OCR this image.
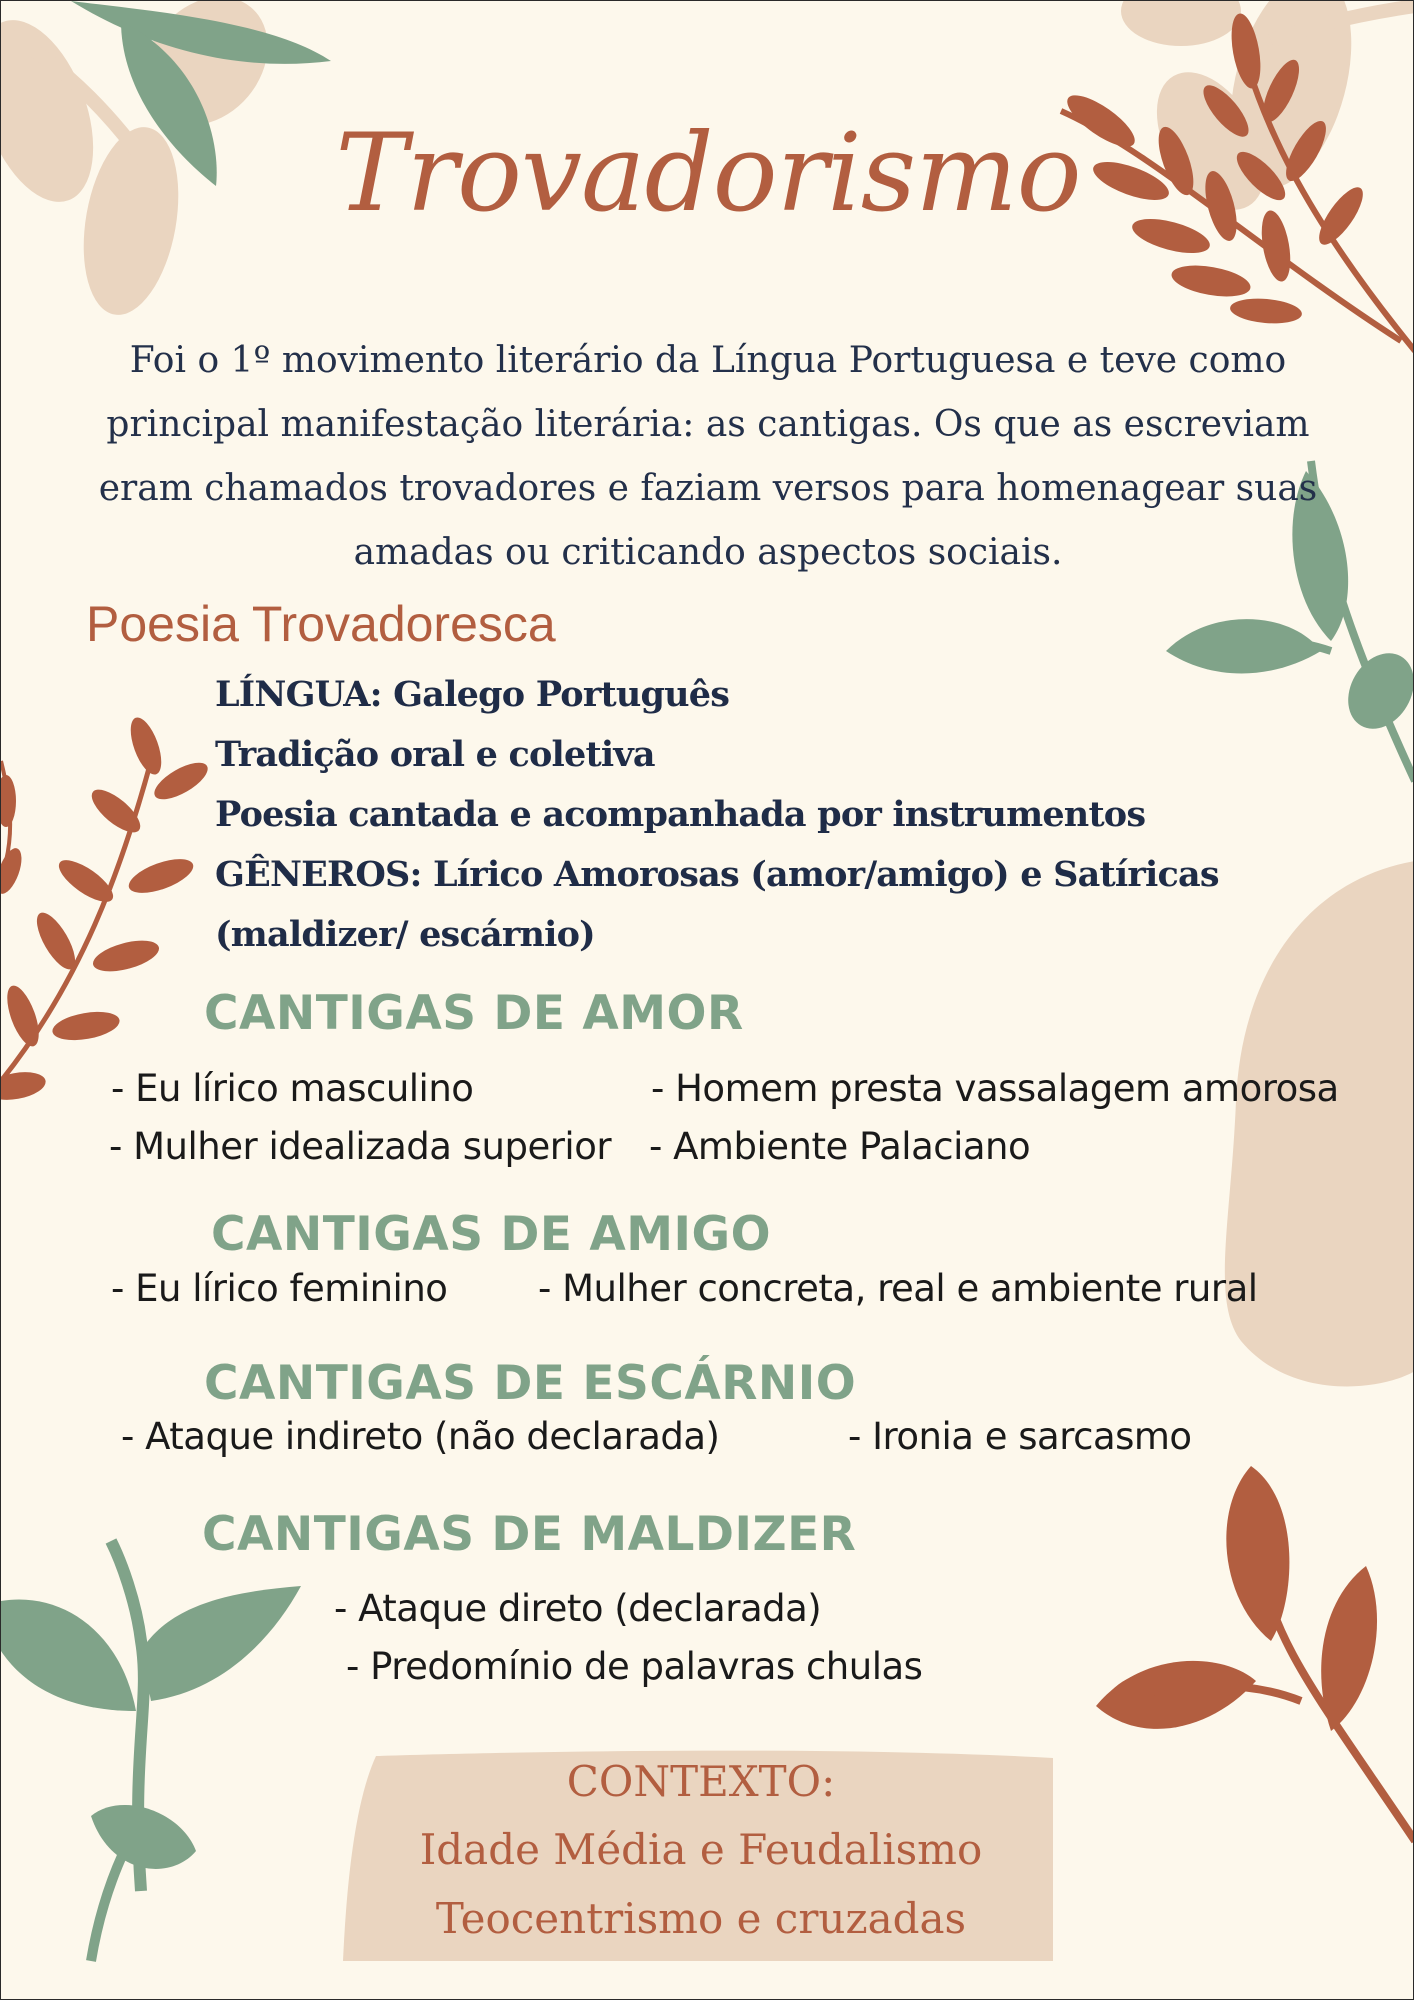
Trovadorismo
Foi o 1º movimento literário da Língua Portuguesa e teve como
principal manifestação literária: as cantigas. Os que as escreviam
eram chamados trovadores e faziam versos para homenagear suas
amadas ou criticando aspectos sociais.
Poesia Trovadoresca
LÍNGUA: Galego Português
Tradição oral e coletiva
Poesia cantada e acompanhada por instrumentos
GÊNEROS: Lírico Amorosas (amor/amigo) e Satíricas
(maldizer/ escárnio)
CANTIGAS DE AMOR
- Eu lírico masculino	- Homem presta vassalagem amorosa
- Mulher idealizada superior - Ambiente Palaciano
CANTIGAS DE AMIGO
- Eu lírico feminino - Mulher concreta, real e ambiente rural
CANTIGAS DE ESCÁRNIO
- Ataque indireto (não declarada)	- Ironia e sarcasmo
CANTIGAS DE MALDIZER
- Ataque direto (declarada)
- Predomínio de palavras chulas
CONTEXTO:
Idade Média e Feudalismo
Teocentrismo e cruzadas
